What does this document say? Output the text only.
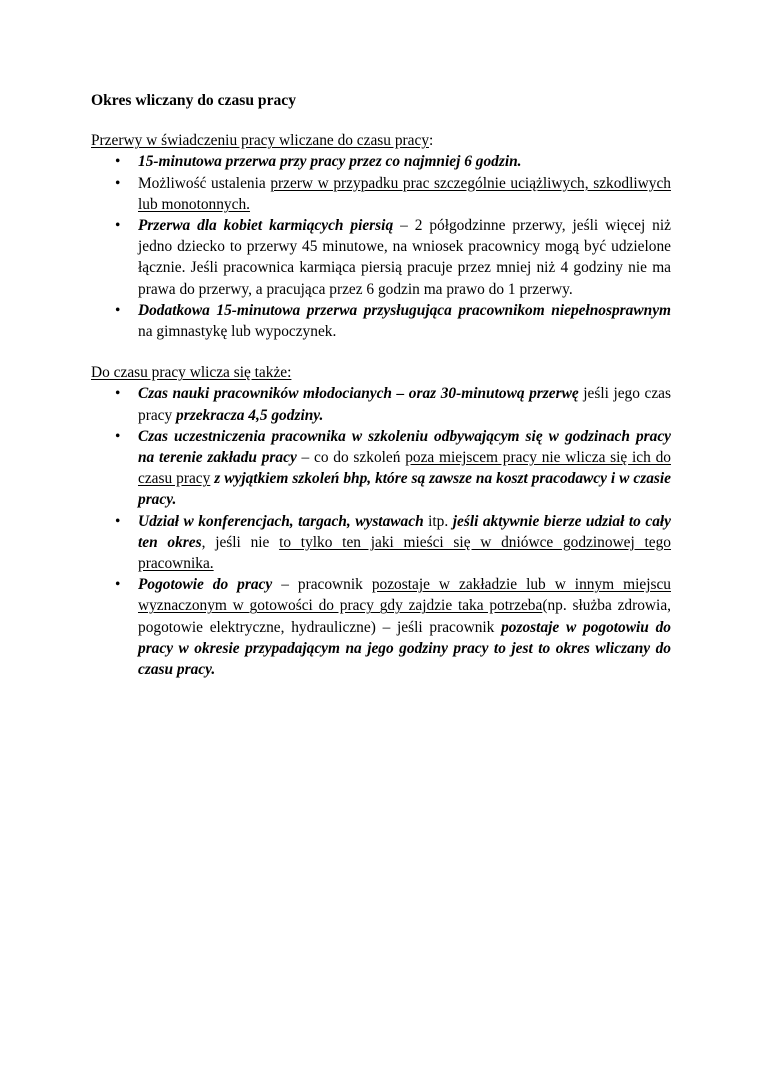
Okres wliczany do czasu pracy

Przerwy w świadczeniu pracy wliczane do czasu pracy:

• 15-minutowa przerwa przy pracy przez co najmniej 6 godzin.
• Możliwość ustalenia przerw w przypadku prac szczególnie uciążliwych, szkodliwych lub monotonnych.
• Przerwa dla kobiet karmiących piersią – 2 półgodzinne przerwy, jeśli więcej niż jedno dziecko to przerwy 45 minutowe, na wniosek pracownicy mogą być udzielone łącznie. Jeśli pracownica karmiąca piersią pracuje przez mniej niż 4 godziny nie ma prawa do przerwy, a pracująca przez 6 godzin ma prawo do 1 przerwy.
• Dodatkowa 15-minutowa przerwa przysługująca pracownikom niepełnosprawnym na gimnastykę lub wypoczynek.

Do czasu pracy wlicza się także:

• Czas nauki pracowników młodocianych – oraz 30-minutową przerwę jeśli jego czas pracy przekracza 4,5 godziny.
• Czas uczestniczenia pracownika w szkoleniu odbywającym się w godzinach pracy na terenie zakładu pracy – co do szkoleń poza miejscem pracy nie wlicza się ich do czasu pracy z wyjątkiem szkoleń bhp, które są zawsze na koszt pracodawcy i w czasie pracy.
• Udział w konferencjach, targach, wystawach itp. jeśli aktywnie bierze udział to cały ten okres, jeśli nie to tylko ten jaki mieści się w dniówce godzinowej tego pracownika.
• Pogotowie do pracy – pracownik pozostaje w zakładzie lub w innym miejscu wyznaczonym w gotowości do pracy gdy zajdzie taka potrzeba(np. służba zdrowia, pogotowie elektryczne, hydrauliczne) – jeśli pracownik pozostaje w pogotowiu do pracy w okresie przypadającym na jego godziny pracy to jest to okres wliczany do czasu pracy.
